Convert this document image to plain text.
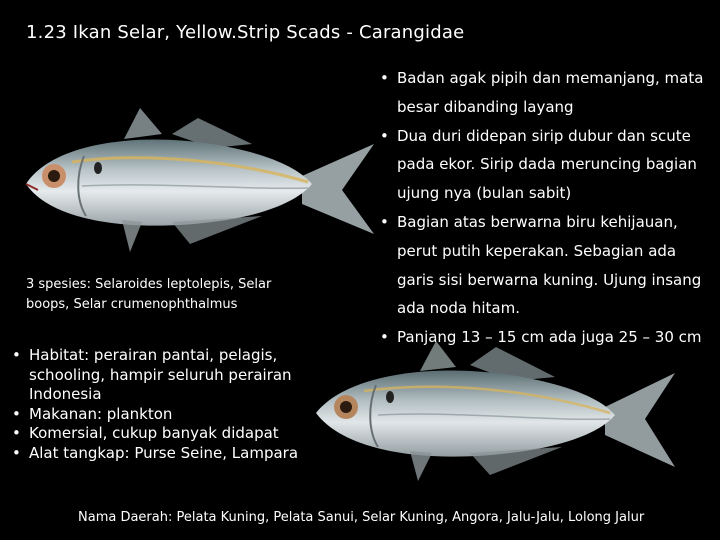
1.23 Ikan Selar, Yellow.Strip Scads - Carangidae
3 spesies: Selaroides leptolepis, Selar boops, Selar crumenophthalmus
• Habitat: perairan pantai, pelagis, schooling, hampir seluruh perairan Indonesia
• Makanan: plankton
• Komersial, cukup banyak didapat
• Alat tangkap: Purse Seine, Lampara
• Badan agak pipih dan memanjang, mata besar dibanding layang
• Dua duri didepan sirip dubur dan scute pada ekor. Sirip dada meruncing bagian ujung nya (bulan sabit)
• Bagian atas berwarna biru kehijauan, perut putih keperakan. Sebagian ada garis sisi berwarna kuning. Ujung insang ada noda hitam.
• Panjang 13 – 15 cm ada juga 25 – 30 cm
Nama Daerah: Pelata Kuning, Pelata Sanui, Selar Kuning, Angora, Jalu-Jalu, Lolong Jalur
